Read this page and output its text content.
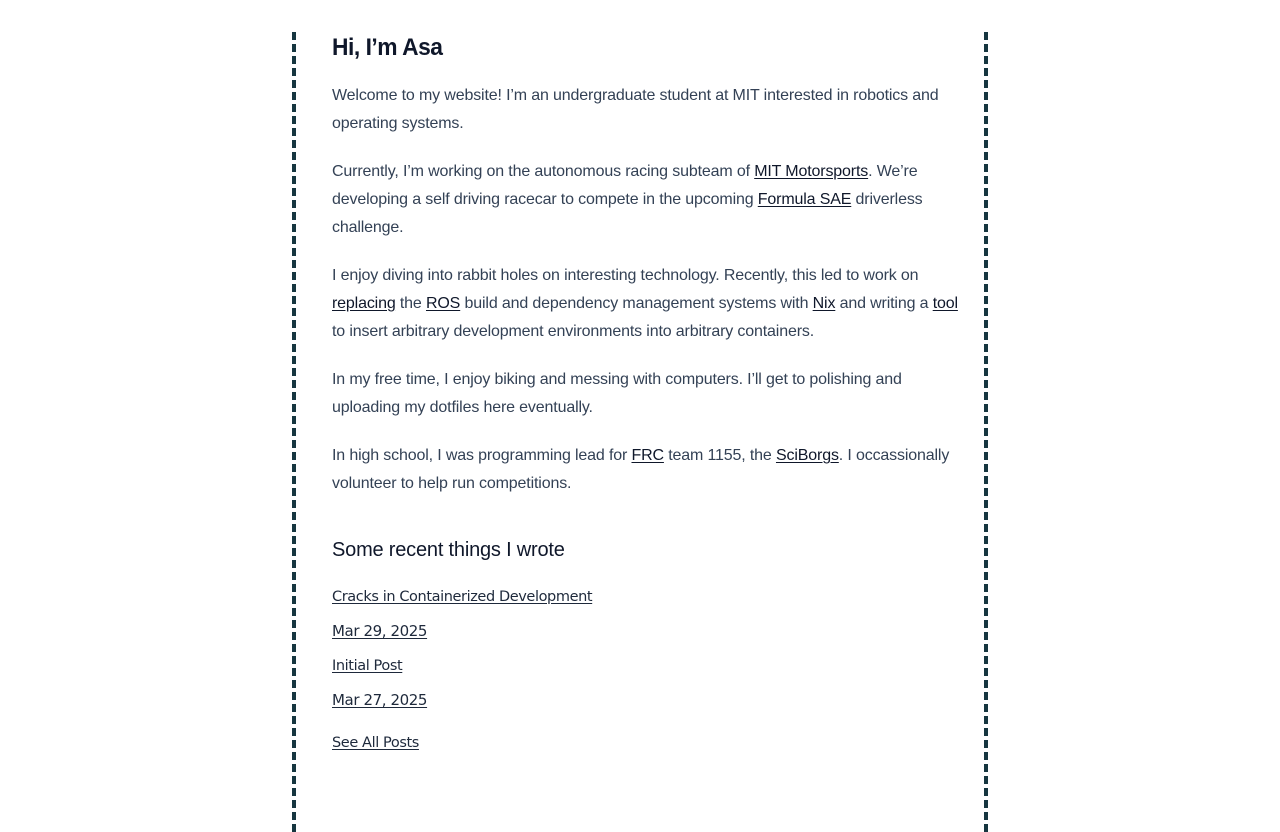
Hi, I’m Asa

Welcome to my website! I’m an undergraduate student at MIT interested in robotics and operating systems.

Currently, I’m working on the autonomous racing subteam of MIT Motorsports. We’re developing a self driving racecar to compete in the upcoming Formula SAE driverless challenge.

I enjoy diving into rabbit holes on interesting technology. Recently, this led to work on replacing the ROS build and dependency management systems with Nix and writing a tool to insert arbitrary development environments into arbitrary containers.

In my free time, I enjoy biking and messing with computers. I’ll get to polishing and uploading my dotfiles here eventually.

In high school, I was programming lead for FRC team 1155, the SciBorgs. I occassionally volunteer to help run competitions.

Some recent things I wrote
Cracks in Containerized Development
Mar 29, 2025
Initial Post
Mar 27, 2025
See All Posts
